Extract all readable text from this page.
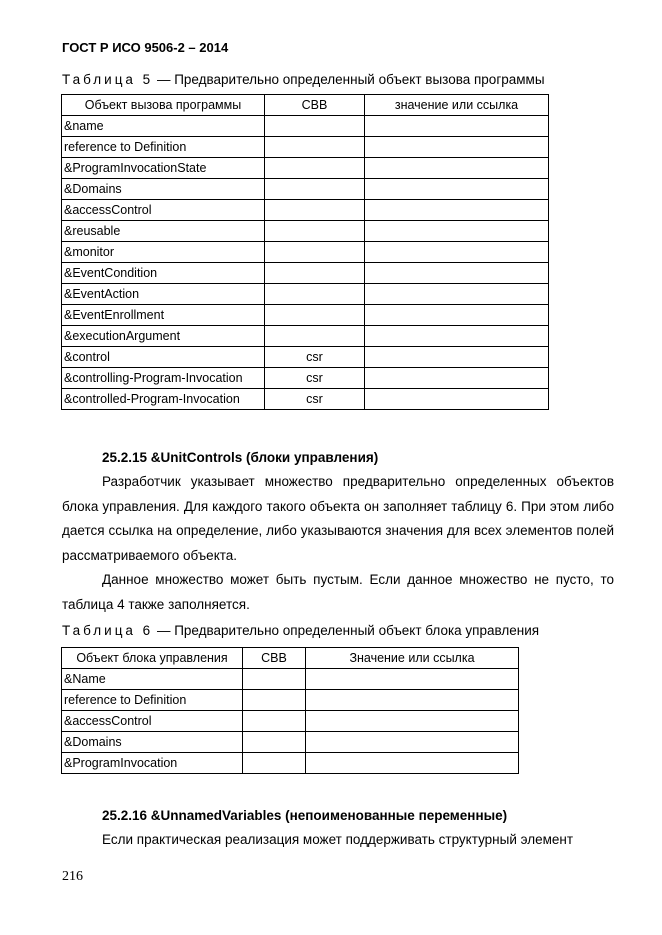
ГОСТ Р ИСО 9506-2 – 2014
Таблица 5 — Предварительно определенный объект вызова программы
Объект вызова программы	CBB	значение или ссылка
&name		
reference to Definition		
&ProgramInvocationState		
&Domains		
&accessControl		
&reusable		
&monitor		
&EventCondition		
&EventAction		
&EventEnrollment		
&executionArgument		
&control	csr	
&controlling-Program-Invocation	csr	
&controlled-Program-Invocation	csr	
25.2.15 &UnitControls (блоки управления)

Разработчик указывает множество предварительно определенных объектов блока управления. Для каждого такого объекта он заполняет таблицу 6. При этом либо дается ссылка на определение, либо указываются значения для всех элементов полей рассматриваемого объекта.

Данное множество может быть пустым. Если данное множество не пусто, то таблица 4 также заполняется.

Таблица 6 — Предварительно определенный объект блока управления
Объект блока управления	CBB	Значение или ссылка
&Name		
reference to Definition		
&accessControl		
&Domains		
&ProgramInvocation		
25.2.16 &UnnamedVariables (непоименованные переменные)

Если практическая реализация может поддерживать структурный элемент

216
